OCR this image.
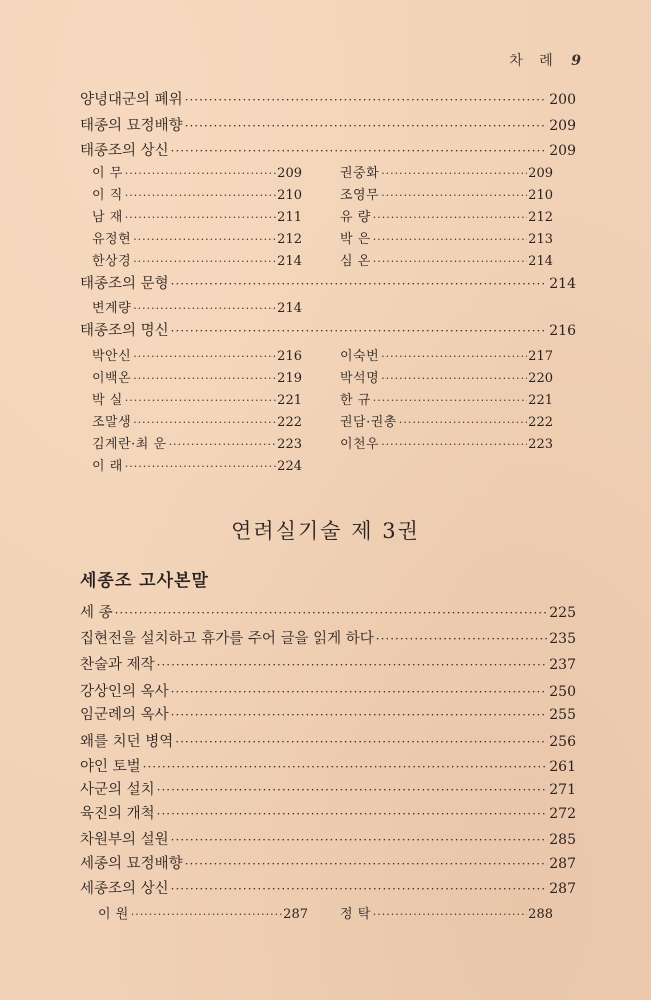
차 례 9
양녕대군의 폐위 ·····	200
태종의 묘정배향 ·····	209
태종조의 상신 ·····	209
이 무 ·····	209	권중화 ·····	209
이 직 ·····	210	조영무 ·····	210
남 재 ·····	211	유 량 ·····	212
유정현 ·····	212	박 은 ·····	213
한상경 ·····	214	심 온 ·····	214
태종조의 문형 ·····	214
변계량 ·····	214
태종조의 명신 ·····	216
박안신 ·····	216	이숙번 ·····	217
이백온 ·····	219	박석명 ·····	220
박 실 ·····	221	한 규 ·····	221
조말생 ·····	222	권담·권총 ·····	222
김계란·최 운 ·····	223	이천우 ·····	223
이 래 ·····	224
연려실기술 제 3권
세종조 고사본말
세 종 ·····	225
집현전을 설치하고 휴가를 주어 글을 읽게 하다 ·····	235
찬술과 제작 ·····	237
강상인의 옥사 ·····	250
임군례의 옥사 ·····	255
왜를 치던 병역 ·····	256
야인 토벌 ·····	261
사군의 설치 ·····	271
육진의 개척 ·····	272
차원부의 설원 ·····	285
세종의 묘정배향 ·····	287
세종조의 상신 ·····	287
이 원 ·····	287 정 탁 ·····	288
